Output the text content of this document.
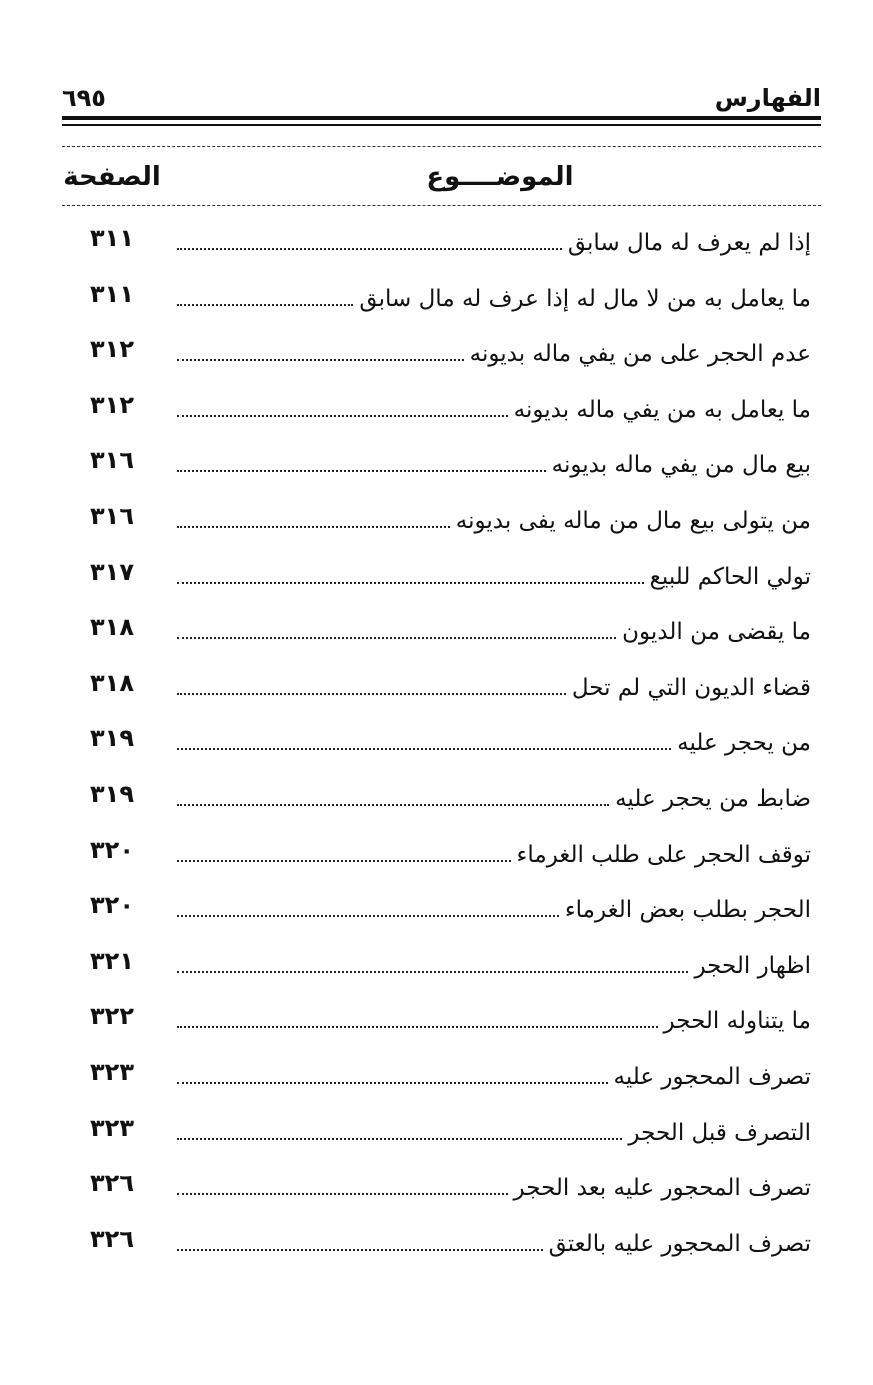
الفهارس
٦٩٥
الموضــــوع
الصفحة
٣١١	إذا لم يعرف له مال سابق
٣١١	ما يعامل به من لا مال له إذا عرف له مال سابق
٣١٢	عدم الحجر على من يفي ماله بديونه
٣١٢	ما يعامل به من يفي ماله بديونه
٣١٦	بيع مال من يفي ماله بديونه
٣١٦	من يتولى بيع مال من ماله يفى بديونه
٣١٧	تولي الحاكم للبيع
٣١٨	ما يقضى من الديون
٣١٨	قضاء الديون التي لم تحل
٣١٩	من يحجر عليه
٣١٩	ضابط من يحجر عليه
٣٢٠	توقف الحجر على طلب الغرماء
٣٢٠	الحجر بطلب بعض الغرماء
٣٢١	اظهار الحجر
٣٢٢	ما يتناوله الحجر
٣٢٣	تصرف المحجور عليه
٣٢٣	التصرف قبل الحجر
٣٢٦	تصرف المحجور عليه بعد الحجر
٣٢٦	تصرف المحجور عليه بالعتق
